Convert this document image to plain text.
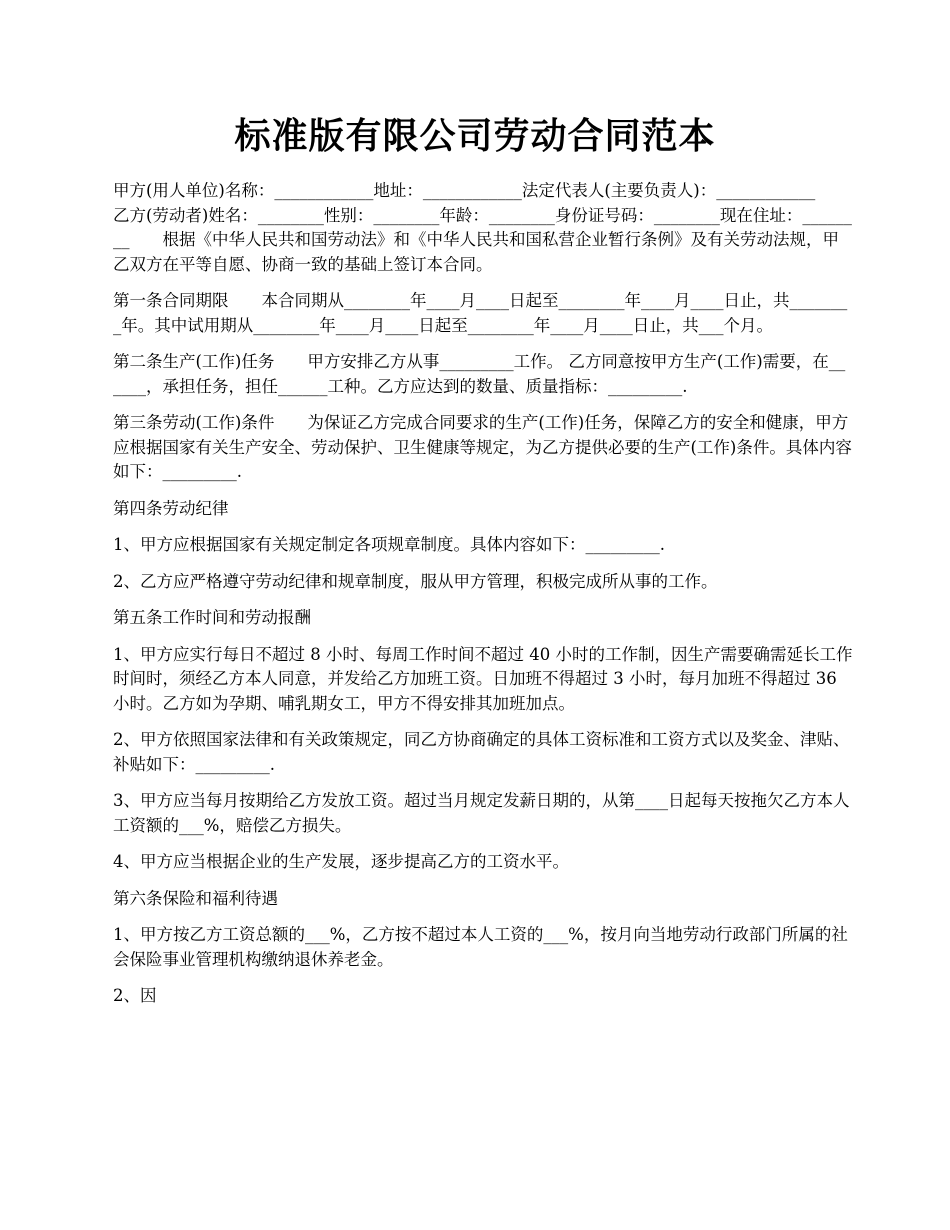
标准版有限公司劳动合同范本

甲方(用人单位)名称：____________地址：____________法定代表人(主要负责人)：____________　　乙方(劳动者)姓名：________性别：________年龄：________身份证号码：________现在住址：________　　根据《中华人民共和国劳动法》和《中华人民共和国私营企业暂行条例》及有关劳动法规，甲乙双方在平等自愿、协商一致的基础上签订本合同。

第一条合同期限　　本合同期从________年____月____日起至________年____月____日止，共________年。其中试用期从________年____月____日起至________年____月____日止，共___个月。

第二条生产(工作)任务　　甲方安排乙方从事_________工作。 乙方同意按甲方生产(工作)需要，在______，承担任务，担任______工种。乙方应达到的数量、质量指标：_________.

第三条劳动(工作)条件　　为保证乙方完成合同要求的生产(工作)任务，保障乙方的安全和健康，甲方应根据国家有关生产安全、劳动保护、卫生健康等规定，为乙方提供必要的生产(工作)条件。具体内容如下：_________.

第四条劳动纪律

1、甲方应根据国家有关规定制定各项规章制度。具体内容如下：_________.

2、乙方应严格遵守劳动纪律和规章制度，服从甲方管理，积极完成所从事的工作。

第五条工作时间和劳动报酬

1、甲方应实行每日不超过 8 小时、每周工作时间不超过 40 小时的工作制，因生产需要确需延长工作时间时，须经乙方本人同意，并发给乙方加班工资。日加班不得超过 3 小时，每月加班不得超过 36 小时。乙方如为孕期、哺乳期女工，甲方不得安排其加班加点。

2、甲方依照国家法律和有关政策规定，同乙方协商确定的具体工资标准和工资方式以及奖金、津贴、补贴如下：_________.

3、甲方应当每月按期给乙方发放工资。超过当月规定发薪日期的，从第____日起每天按拖欠乙方本人工资额的___%，赔偿乙方损失。

4、甲方应当根据企业的生产发展，逐步提高乙方的工资水平。

第六条保险和福利待遇

1、甲方按乙方工资总额的___%，乙方按不超过本人工资的___%，按月向当地劳动行政部门所属的社会保险事业管理机构缴纳退休养老金。

2、因
